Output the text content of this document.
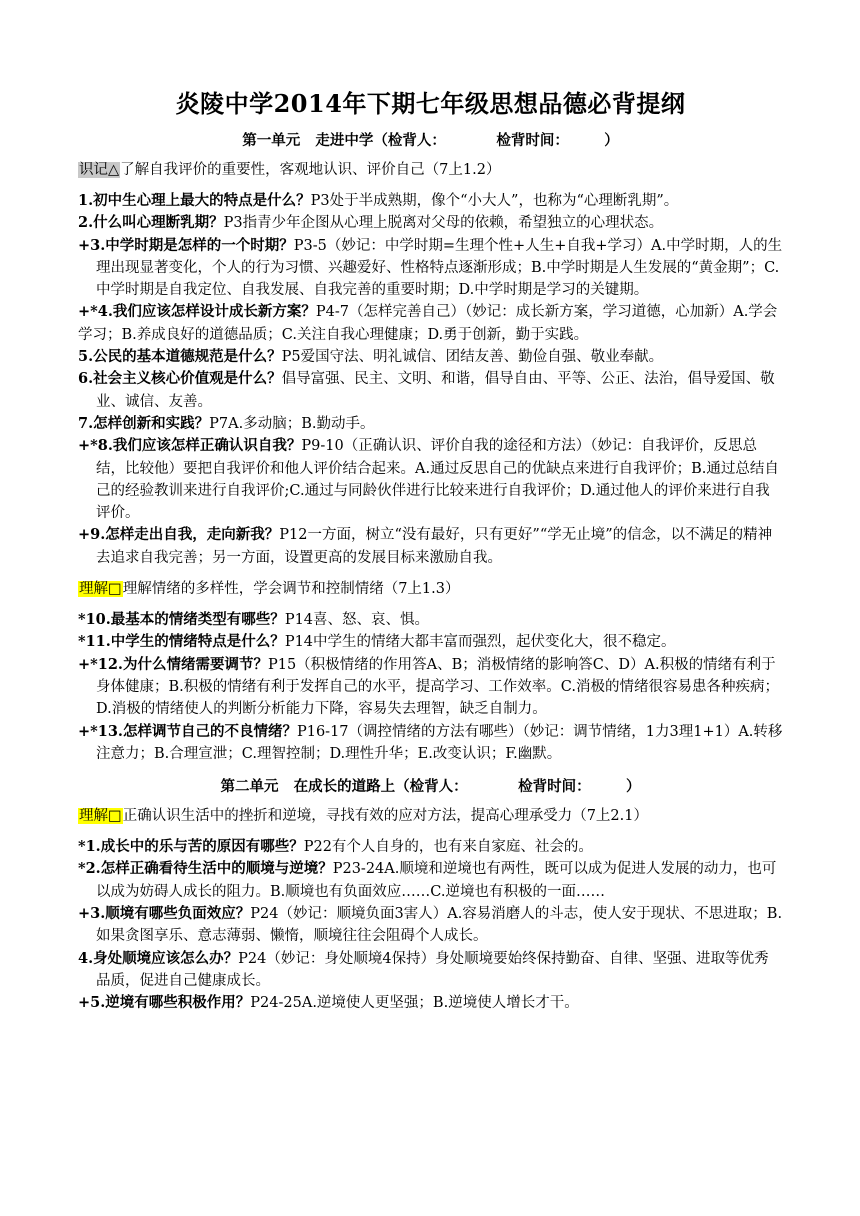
炎陵中学2014年下期七年级思想品德必背提纲
第一单元   走进中学（检背人：          检背时间：       ）
识记△了解自我评价的重要性，客观地认识、评价自己（7上1.2）

1.初中生心理上最大的特点是什么？P3处于半成熟期，像个“小大人”，也称为“心理断乳期”。

2.什么叫心理断乳期？P3指青少年企图从心理上脱离对父母的依赖，希望独立的心理状态。

+3.中学时期是怎样的一个时期？P3-5（妙记：中学时期=生理个性+人生+自我+学习）A.中学时期，人的生理出现显著变化，个人的行为习惯、兴趣爱好、性格特点逐渐形成；B.中学时期是人生发展的“黄金期”；C.中学时期是自我定位、自我发展、自我完善的重要时期；D.中学时期是学习的关键期。

+*4.我们应该怎样设计成长新方案？P4-7（怎样完善自己）（妙记：成长新方案，学习道德，心加新）A.学会学习；B.养成良好的道德品质；C.关注自我心理健康；D.勇于创新，勤于实践。

5.公民的基本道德规范是什么？P5爱国守法、明礼诚信、团结友善、勤俭自强、敬业奉献。

6.社会主义核心价值观是什么？倡导富强、民主、文明、和谐，倡导自由、平等、公正、法治，倡导爱国、敬业、诚信、友善。

7.怎样创新和实践？P7A.多动脑；B.勤动手。

+*8.我们应该怎样正确认识自我？P9-10（正确认识、评价自我的途径和方法）（妙记：自我评价，反思总结，比较他）要把自我评价和他人评价结合起来。A.通过反思自己的优缺点来进行自我评价；B.通过总结自己的经验教训来进行自我评价;C.通过与同龄伙伴进行比较来进行自我评价；D.通过他人的评价来进行自我评价。

+9.怎样走出自我，走向新我？P12一方面，树立“没有最好，只有更好”“学无止境”的信念，以不满足的精神去追求自我完善；另一方面，设置更高的发展目标来激励自我。

理解□理解情绪的多样性，学会调节和控制情绪（7上1.3）

*10.最基本的情绪类型有哪些？P14喜、怒、哀、惧。

*11.中学生的情绪特点是什么？P14中学生的情绪大都丰富而强烈，起伏变化大，很不稳定。

+*12.为什么情绪需要调节？P15（积极情绪的作用答A、B；消极情绪的影响答C、D）A.积极的情绪有利于身体健康；B.积极的情绪有利于发挥自己的水平，提高学习、工作效率。C.消极的情绪很容易患各种疾病；D.消极的情绪使人的判断分析能力下降，容易失去理智，缺乏自制力。

+*13.怎样调节自己的不良情绪？P16-17（调控情绪的方法有哪些）（妙记：调节情绪，1力3理1+1）A.转移注意力；B.合理宣泄；C.理智控制；D.理性升华；E.改变认识；F.幽默。

第二单元   在成长的道路上（检背人：          检背时间：       ）
理解□正确认识生活中的挫折和逆境，寻找有效的应对方法，提高心理承受力（7上2.1）

*1.成长中的乐与苦的原因有哪些？P22有个人自身的，也有来自家庭、社会的。

*2.怎样正确看待生活中的顺境与逆境？P23-24A.顺境和逆境也有两性，既可以成为促进人发展的动力，也可以成为妨碍人成长的阻力。B.顺境也有负面效应……C.逆境也有积极的一面……

+3.顺境有哪些负面效应？P24（妙记：顺境负面3害人）A.容易消磨人的斗志，使人安于现状、不思进取；B.如果贪图享乐、意志薄弱、懒惰，顺境往往会阻碍个人成长。

4.身处顺境应该怎么办？P24（妙记：身处顺境4保持）身处顺境要始终保持勤奋、自律、坚强、进取等优秀品质，促进自己健康成长。

+5.逆境有哪些积极作用？P24-25A.逆境使人更坚强；B.逆境使人增长才干。
